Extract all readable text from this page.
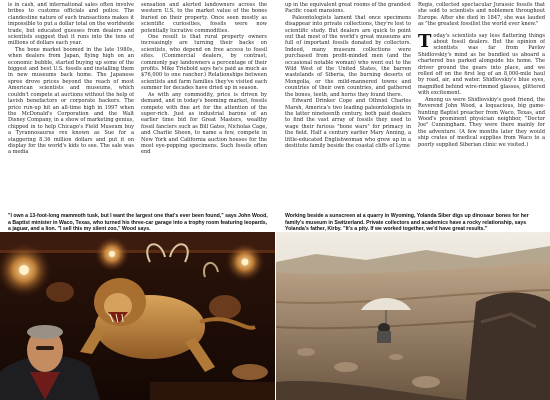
is in cash, and international sales often involve bribes to customs officials and police. The clandestine nature of such transactions makes it impossible to put a dollar total on the worldwide trade, but educated guesses from dealers and scientists suggest that it runs into the tens of millions of dollars each year.

The bone market boomed in the late 1980s, when dealers from Japan, flying high on an economic bubble, started buying up some of the biggest and best U.S. fossils and installing them in new museums back home. The Japanese spree drove prices beyond the reach of most American scientists and museums, which couldn't compete at auctions without the help of lavish benefactors or corporate backers. The price run-up hit an all-time high in 1997 when the McDonald's Corporation and the Walt Disney Company, in a show of marketing genius, chipped in to help Chicago's Field Museum buy a Tyrannosaurus rex known as Sue for a staggering 8.36 million dollars and put it on display for the world's kids to see. The sale was a media

sensation and alerted landowners across the western U.S. to the market value of the bones buried on their property. Once seen mostly as scientific curiosities, fossils were now potentially lucrative commodities.

One result is that rural property owners increasingly are turning their backs on scientists, who depend on free access to fossil sites. (Commercial dealers, by contrast, commonly pay landowners a percentage of their profits. Mike Triebold says he's paid as much as $76,000 to one rancher.) Relationships between scientists and farm families they've visited each summer for decades have dried up in season.

As with any commodity, price is driven by demand, and in today's booming market, fossils compete with fine art for the attention of the super-rich. Just as industrial barons of an earlier time bid for Great Masters, wealthy fossil fanciers such as Bill Gates, Nicholas Cage, and Charlie Sheen, to name a few, compete in New York and California auction houses for the most eye-popping specimens. Such fossils often end

up in the equivalent great rooms of the grandest Pacific coast mansions.

Paleontologists lament that once specimens disappear into private collections, they're lost to scientific study. But dealers are quick to point out that most of the world's great museums are full of important fossils donated by collectors. Indeed, many museum collections were purchased from profit-minded men (and the occasional notable woman) who went out to the Wild West of the United States, the barren wastelands of Siberia, the burning deserts of Mongolia, or the mild-mannered towns and countries of their own countries, and gathered the bones, teeth, and horns they found there.

Edward Drinker Cope and Othniel Charles Marsh, America's two leading paleontologists in the latter nineteenth century, both paid dealers to find the vast array of fossils they used to wage their furious "bone wars" for primacy in the field. Half a century earlier Mary Anning, a little-educated Englishwoman who grew up in a destitute family beside the coastal cliffs of Lyme

Regis, collected spectacular Jurassic fossils that she sold to scientists and noblemen throughout Europe. After she died in 1847, she was lauded as "the greatest fossilist the world ever knew."

Today's scientists say less flattering things about fossil dealers. But the opinion of scientists was far from Pavlov Shidlovskiy's mind as he bundled us aboard a chartered bus parked alongside his home. The driver ground the gears into place, and we rolled off on the first leg of an 8,000-mile haul by road, air, and water. Shidlovskiy's blue eyes, magnified behind wire-rimmed glasses, glittered with excitement.

Among us were Shidlovskiy's good friend, the Reverend John Wood, a loquacious, big game-hunting Baptist preacher from Waco, Texas, and Wood's prominent physician neighbor, "Doctor Joe" Cunningham. They were there mainly for the adventure. (A few months later they would ship crates of medical supplies from Waco to a poorly supplied Siberian clinic we visited.)

"I own a 13-foot-long mammoth tusk, but I want the largest one that's ever been found," says John Wood, a Baptist minister in Waco, Texas, who turned his three-car garage into a trophy room featuring leopards, a jaguar, and a lion. "I sell this my silent zoo," Wood says.
Working beside a sunscreen at a quarry in Wyoming, Yolanda Siber digs up dinosaur bones for her family's museum in Switzerland. Private collectors and academics have a rocky relationship, says Yolanda's father, Kirby. "It's a pity. If we worked together, we'd have great results."
